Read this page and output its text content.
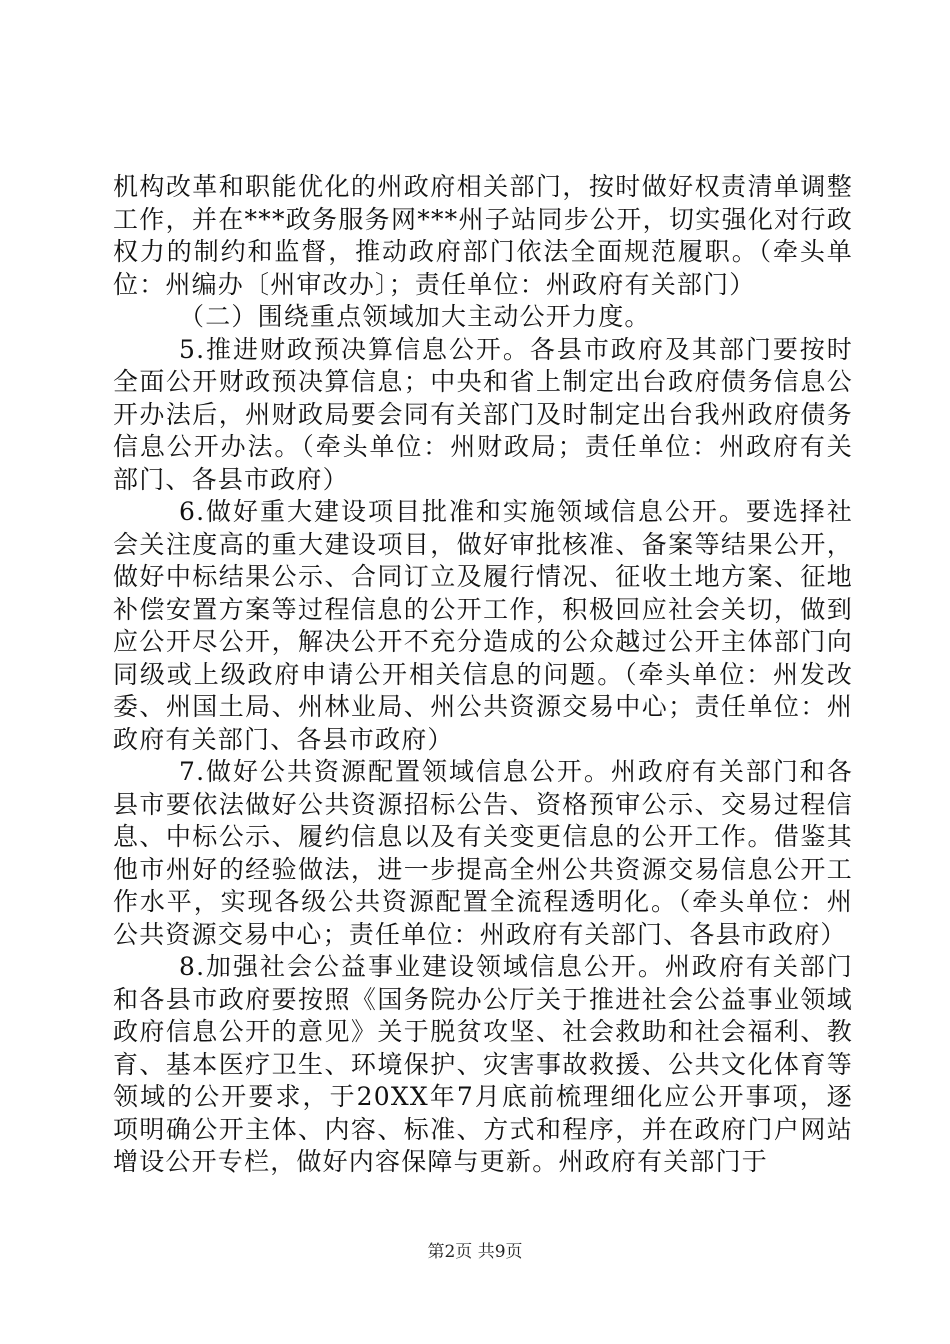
机构改革和职能优化的州政府相关部门，按时做好权责清单调整工作，并在***政务服务网***州子站同步公开，切实强化对行政权力的制约和监督，推动政府部门依法全面规范履职。（牵头单位：州编办〔州审改办〕；责任单位：州政府有关部门）

（二）围绕重点领域加大主动公开力度。

5.推进财政预决算信息公开。各县市政府及其部门要按时全面公开财政预决算信息；中央和省上制定出台政府债务信息公开办法后，州财政局要会同有关部门及时制定出台我州政府债务信息公开办法。（牵头单位：州财政局；责任单位：州政府有关部门、各县市政府）

6.做好重大建设项目批准和实施领域信息公开。要选择社会关注度高的重大建设项目，做好审批核准、备案等结果公开，做好中标结果公示、合同订立及履行情况、征收土地方案、征地补偿安置方案等过程信息的公开工作，积极回应社会关切，做到应公开尽公开，解决公开不充分造成的公众越过公开主体部门向同级或上级政府申请公开相关信息的问题。（牵头单位：州发改委、州国土局、州林业局、州公共资源交易中心；责任单位：州政府有关部门、各县市政府）

7.做好公共资源配置领域信息公开。州政府有关部门和各县市要依法做好公共资源招标公告、资格预审公示、交易过程信息、中标公示、履约信息以及有关变更信息的公开工作。借鉴其他市州好的经验做法，进一步提高全州公共资源交易信息公开工作水平，实现各级公共资源配置全流程透明化。（牵头单位：州公共资源交易中心；责任单位：州政府有关部门、各县市政府）

8.加强社会公益事业建设领域信息公开。州政府有关部门和各县市政府要按照《国务院办公厅关于推进社会公益事业领域政府信息公开的意见》关于脱贫攻坚、社会救助和社会福利、教育、基本医疗卫生、环境保护、灾害事故救援、公共文化体育等领域的公开要求，于20XX年7月底前梳理细化应公开事项，逐项明确公开主体、内容、标准、方式和程序，并在政府门户网站增设公开专栏，做好内容保障与更新。州政府有关部门于

第2页 共9页
